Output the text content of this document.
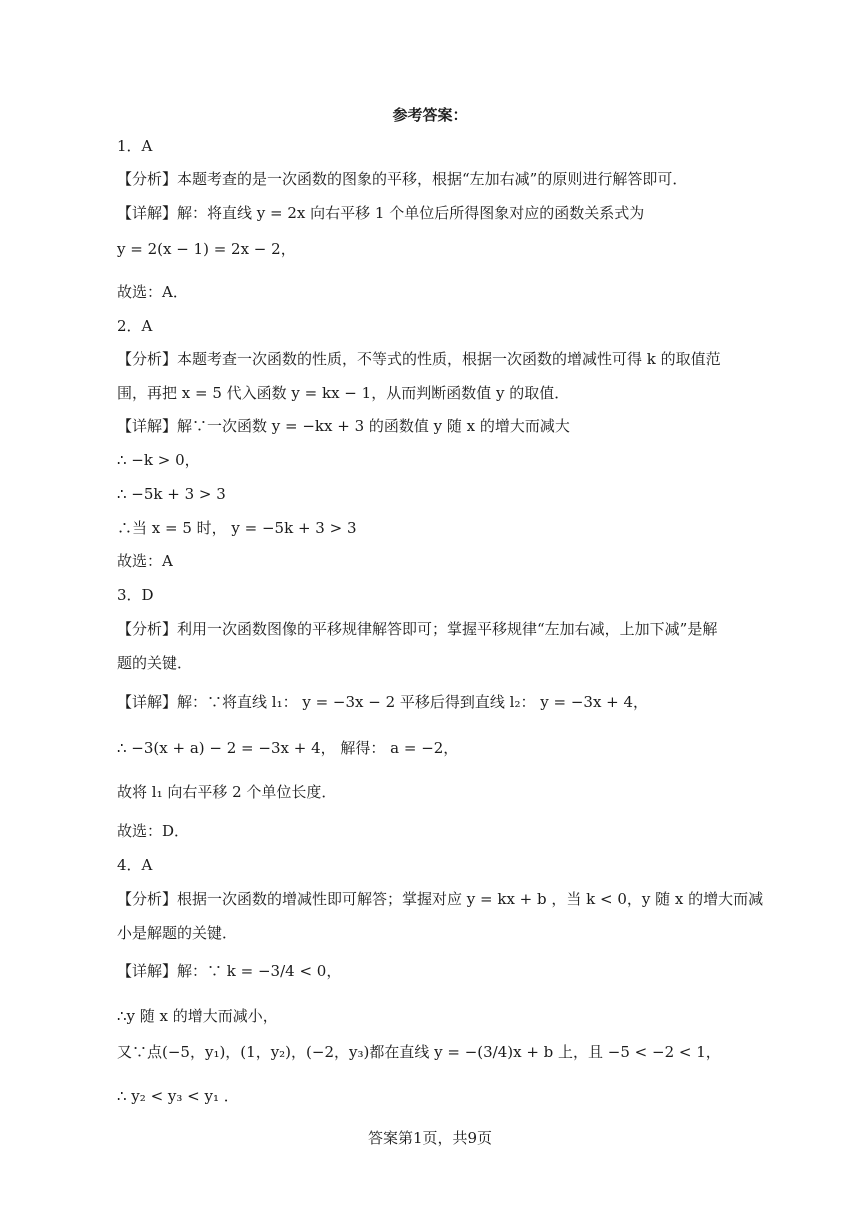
参考答案：
1．A
【分析】本题考查的是一次函数的图象的平移，根据“左加右减”的原则进行解答即可．
【详解】解：将直线 y = 2x 向右平移 1 个单位后所得图象对应的函数关系式为
y = 2(x − 1) = 2x − 2，
故选：A．
2．A
【分析】本题考查一次函数的性质，不等式的性质，根据一次函数的增减性可得 k 的取值范
围，再把 x = 5 代入函数 y = kx − 1，从而判断函数值 y 的取值．
【详解】解∵一次函数 y = −kx + 3 的函数值 y 随 x 的增大而减大
∴ −k > 0，
∴ −5k + 3 > 3
∴当 x = 5 时， y = −5k + 3 > 3
故选：A
3．D
【分析】利用一次函数图像的平移规律解答即可；掌握平移规律“左加右减，上加下减”是解
题的关键．
【详解】解：∵将直线 l₁： y = −3x − 2 平移后得到直线 l₂： y = −3x + 4，
∴ −3(x + a) − 2 = −3x + 4， 解得： a = −2，
故将 l₁ 向右平移 2 个单位长度．
故选：D．
4．A
【分析】根据一次函数的增减性即可解答；掌握对应 y = kx + b ，当 k < 0，y 随 x 的增大而减
小是解题的关键．
【详解】解：∵ k = −3/4 < 0，
∴y 随 x 的增大而减小，
又∵点(−5，y₁)，(1，y₂)，(−2，y₃)都在直线 y = −(3/4)x + b 上，且 −5 < −2 < 1，
∴ y₂ < y₃ < y₁ ．
答案第1页，共9页
